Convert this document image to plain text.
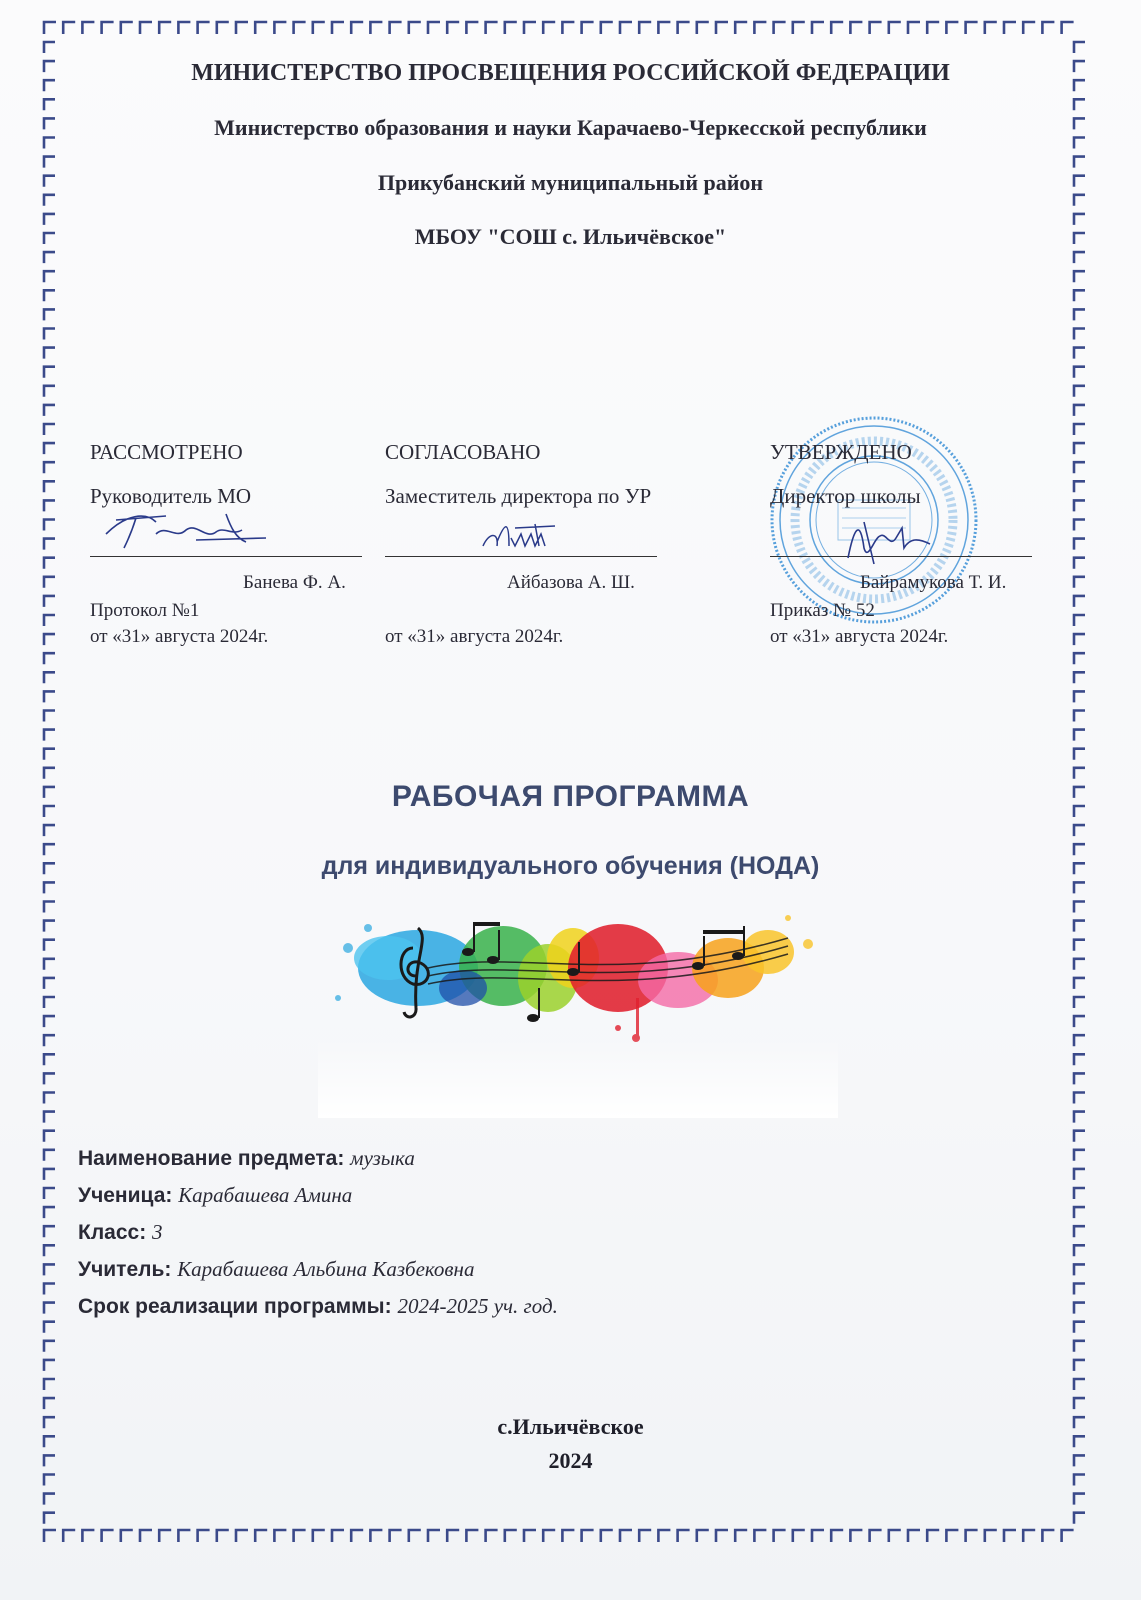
МИНИСТЕРСТВО ПРОСВЕЩЕНИЯ РОССИЙСКОЙ ФЕДЕРАЦИИ
Министерство образования и науки Карачаево-Черкесской республики
Прикубанский муниципальный район
МБОУ "СОШ с. Ильичёвское"
РАССМОТРЕНО
Руководитель МО
Банева Ф. А.
Протокол №1
от «31» августа 2024г.
СОГЛАСОВАНО
Заместитель директора по УР
Айбазова А. Ш.
от «31» августа 2024г.
УТВЕРЖДЕНО
Директор школы
Байрамукова Т. И.
Приказ № 52
от «31» августа 2024г.
РАБОЧАЯ ПРОГРАММА
для индивидуального обучения (НОДА)
Наименование предмета: музыка
Ученица: Карабашева Амина
Класс: 3
Учитель: Карабашева Альбина Казбековна
Срок реализации программы: 2024-2025 уч. год.
с.Ильичёвское
2024
